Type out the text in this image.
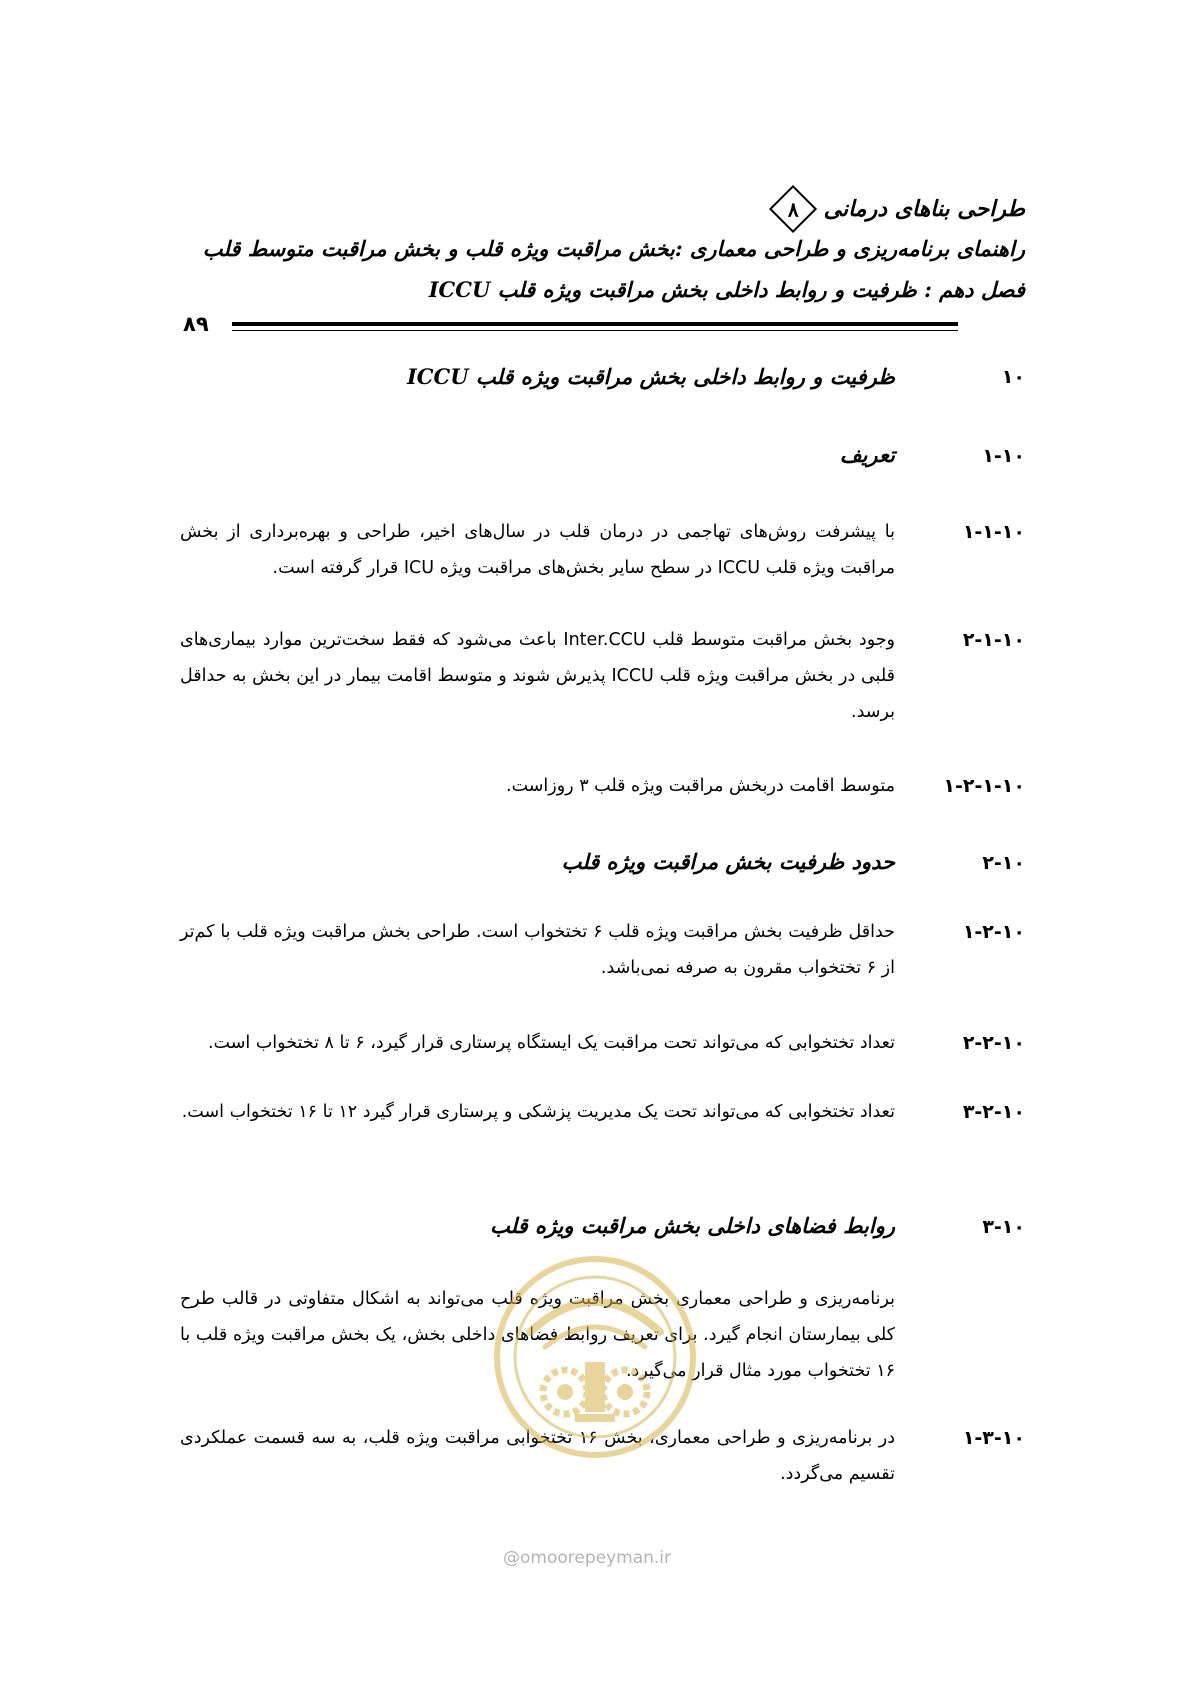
طراحی بناهای درمانی
۸
راهنمای برنامه‌ریزی و طراحی معماری :بخش مراقبت ویژه قلب و بخش مراقبت متوسط قلب
فصل دهم : ظرفیت و روابط داخلی بخش مراقبت ویژه قلب ICCU
۸۹
۱۰
ظرفیت و روابط داخلی بخش مراقبت ویژه قلب ICCU
۱-۱۰
تعریف
۱-۱-۱۰
با پیشرفت روش‌های تهاجمی در درمان قلب در سال‌های اخیر، طراحی و بهره‌برداری از بخش مراقبت ویژه قلب ICCU در سطح سایر بخش‌های مراقبت ویژه ICU قرار گرفته است.
۲-۱-۱۰
وجود بخش مراقبت متوسط قلب Inter.CCU باعث می‌شود که فقط سخت‌ترین موارد بیماری‌های قلبی در بخش مراقبت ویژه قلب ICCU پذیرش شوند و متوسط اقامت بیمار در این بخش به حداقل برسد.
۱-۲-۱-۱۰
متوسط اقامت دربخش مراقبت ویژه قلب ۳ روزاست.
۲-۱۰
حدود ظرفیت بخش مراقبت ویژه قلب
۱-۲-۱۰
حداقل ظرفیت بخش مراقبت ویژه قلب ۶ تختخواب است. طراحی بخش مراقبت ویژه قلب با کم‌تر از ۶ تختخواب مقرون به صرفه نمی‌باشد.
۲-۲-۱۰
تعداد تختخوابی که می‌تواند تحت مراقبت یک ایستگاه پرستاری قرار گیرد، ۶ تا ۸ تختخواب است.
۳-۲-۱۰
تعداد تختخوابی که می‌تواند تحت یک مدیریت پزشکی و پرستاری قرار گیرد ۱۲ تا ۱۶ تختخواب است.
۳-۱۰
روابط فضاهای داخلی بخش مراقبت ویژه قلب
برنامه‌ریزی و طراحی معماری بخش مراقبت ویژه قلب می‌تواند به اشکال متفاوتی در قالب طرح کلی بیمارستان انجام گیرد. برای تعریف روابط فضاهای داخلی بخش، یک بخش مراقبت ویژه قلب با ۱۶ تختخواب مورد مثال قرار می‌گیرد.
۱-۳-۱۰
در برنامه‌ریزی و طراحی معماری، بخش ۱۶ تختخوابی مراقبت ویژه قلب، به سه قسمت عملکردی تقسیم می‌گردد.
@omoorepeyman.ir
